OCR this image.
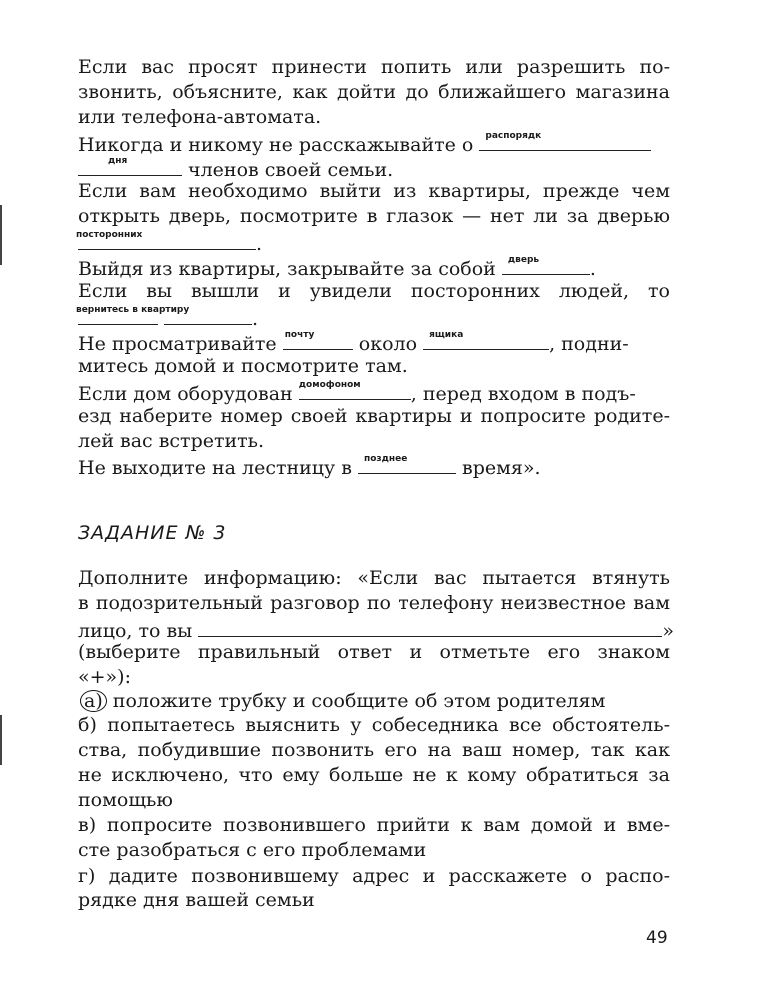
Если вас просят принести попить или разрешить по-
звонить, объясните, как дойти до ближайшего магазина
или телефона-автомата.
Никогда и никому не расскажывайте о распорядк
дня	членов своей семьи.
Если вам необходимо выйти из квартиры, прежде чем
открыть дверь, посмотрите в глазок — нет ли за дверью
посторонних	.
Выйдя из квартиры, закрывайте за собой дверь	.
Если вы вышли и увидели посторонних людей, то
вернитесь в квартиру	.
Не просматривайте почту около ящика	, подни-
митесь домой и посмотрите там.
Если дом оборудован домофоном	, перед входом в подъ-
езд наберите номер своей квартиры и попросите родите-
лей вас встретить.
Не выходите на лестницу в позднее	время».
ЗАДАНИЕ № 3
Дополните информацию: «Если вас пытается втянуть
в подозрительный разговор по телефону неизвестное вам
лицо, то вы	»
(выберите правильный ответ и отметьте его знаком
«+»):
а) положите трубку и сообщите об этом родителям
б) попытаетесь выяснить у собеседника все обстоятель-
ства, побудившие позвонить его на ваш номер, так как
не исключено, что ему больше не к кому обратиться за
помощью
в) попросите позвонившего прийти к вам домой и вме-
сте разобраться с его проблемами
г) дадите позвонившему адрес и расскажете о распо-
рядке дня вашей семьи
49
